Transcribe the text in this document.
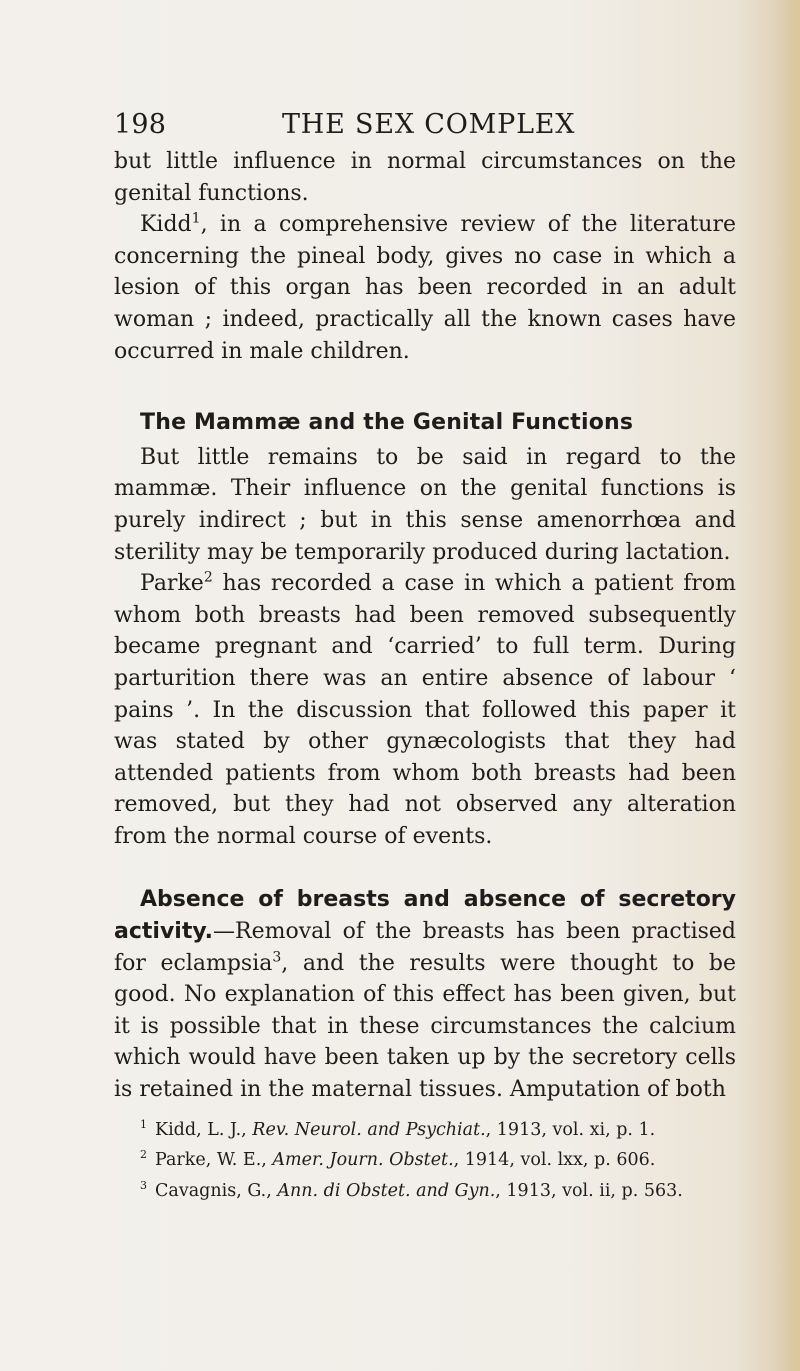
198	THE SEX COMPLEX

but little influence in normal circumstances on the genital functions.

Kidd$^1$, in a comprehensive review of the literature concerning the pineal body, gives no case in which a lesion of this organ has been recorded in an adult woman ; indeed, practically all the known cases have occurred in male children.

The Mammæ and the Genital Functions

But little remains to be said in regard to the mammæ. Their influence on the genital functions is purely indirect ; but in this sense amenorrhœa and sterility may be temporarily produced during lactation.

Parke$^2$ has recorded a case in which a patient from whom both breasts had been removed subsequently became pregnant and ‘carried’ to full term. During parturition there was an entire absence of labour ‘ pains ’. In the discussion that followed this paper it was stated by other gynæcologists that they had attended patients from whom both breasts had been removed, but they had not observed any alteration from the normal course of events.

Absence of breasts and absence of secretory activity.—Removal of the breasts has been practised for eclampsia$^3$, and the results were thought to be good. No explanation of this effect has been given, but it is possible that in these circumstances the calcium which would have been taken up by the secretory cells is retained in the maternal tissues. Amputation of both

$^1$ Kidd, L. J., Rev. Neurol. and Psychiat., 1913, vol. xi, p. 1.
$^2$ Parke, W. E., Amer. Journ. Obstet., 1914, vol. lxx, p. 606.
$^3$ Cavagnis, G., Ann. di Obstet. and Gyn., 1913, vol. ii, p. 563.
